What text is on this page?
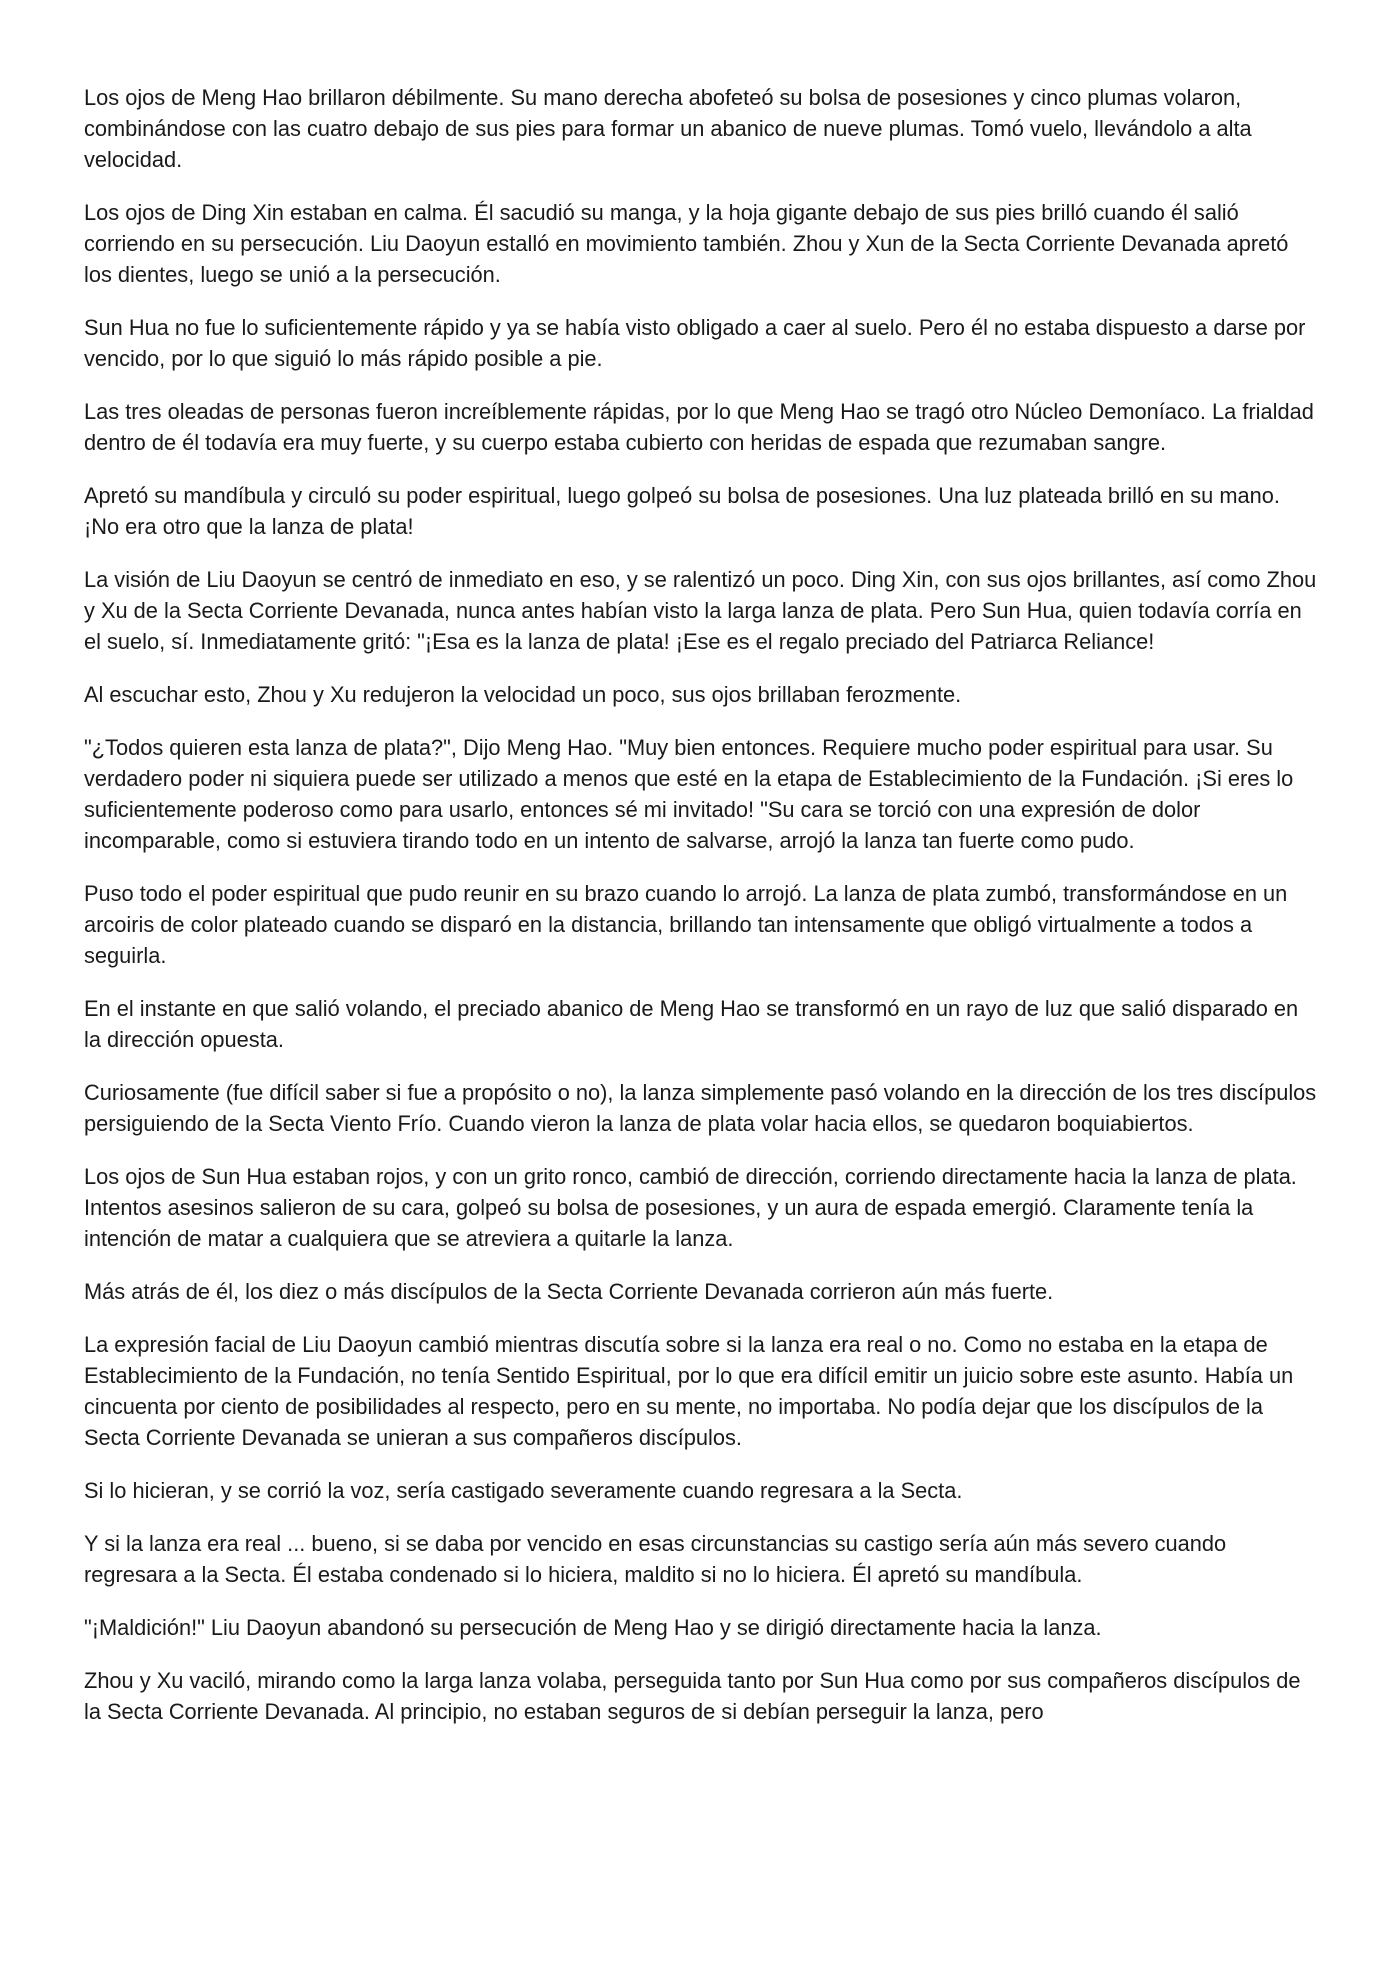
Los ojos de Meng Hao brillaron débilmente. Su mano derecha abofeteó su bolsa de posesiones y cinco plumas volaron, combinándose con las cuatro debajo de sus pies para formar un abanico de nueve plumas. Tomó vuelo, llevándolo a alta velocidad.

Los ojos de Ding Xin estaban en calma. Él sacudió su manga, y la hoja gigante debajo de sus pies brilló cuando él salió corriendo en su persecución. Liu Daoyun estalló en movimiento también. Zhou y Xun de la Secta Corriente Devanada apretó los dientes, luego se unió a la persecución.

Sun Hua no fue lo suficientemente rápido y ya se había visto obligado a caer al suelo. Pero él no estaba dispuesto a darse por vencido, por lo que siguió lo más rápido posible a pie.

Las tres oleadas de personas fueron increíblemente rápidas, por lo que Meng Hao se tragó otro Núcleo Demoníaco. La frialdad dentro de él todavía era muy fuerte, y su cuerpo estaba cubierto con heridas de espada que rezumaban sangre.

Apretó su mandíbula y circuló su poder espiritual, luego golpeó su bolsa de posesiones. Una luz plateada brilló en su mano. ¡No era otro que la lanza de plata!

La visión de Liu Daoyun se centró de inmediato en eso, y se ralentizó un poco. Ding Xin, con sus ojos brillantes, así como Zhou y Xu de la Secta Corriente Devanada, nunca antes habían visto la larga lanza de plata. Pero Sun Hua, quien todavía corría en el suelo, sí. Inmediatamente gritó: "¡Esa es la lanza de plata! ¡Ese es el regalo preciado del Patriarca Reliance!

Al escuchar esto, Zhou y Xu redujeron la velocidad un poco, sus ojos brillaban ferozmente.

"¿Todos quieren esta lanza de plata?", Dijo Meng Hao. "Muy bien entonces. Requiere mucho poder espiritual para usar. Su verdadero poder ni siquiera puede ser utilizado a menos que esté en la etapa de Establecimiento de la Fundación. ¡Si eres lo suficientemente poderoso como para usarlo, entonces sé mi invitado! "Su cara se torció con una expresión de dolor incomparable, como si estuviera tirando todo en un intento de salvarse, arrojó la lanza tan fuerte como pudo.

Puso todo el poder espiritual que pudo reunir en su brazo cuando lo arrojó. La lanza de plata zumbó, transformándose en un arcoiris de color plateado cuando se disparó en la distancia, brillando tan intensamente que obligó virtualmente a todos a seguirla.

En el instante en que salió volando, el preciado abanico de Meng Hao se transformó en un rayo de luz que salió disparado en la dirección opuesta.

Curiosamente (fue difícil saber si fue a propósito o no), la lanza simplemente pasó volando en la dirección de los tres discípulos persiguiendo de la Secta Viento Frío. Cuando vieron la lanza de plata volar hacia ellos, se quedaron boquiabiertos.

Los ojos de Sun Hua estaban rojos, y con un grito ronco, cambió de dirección, corriendo directamente hacia la lanza de plata. Intentos asesinos salieron de su cara, golpeó su bolsa de posesiones, y un aura de espada emergió. Claramente tenía la intención de matar a cualquiera que se atreviera a quitarle la lanza.

Más atrás de él, los diez o más discípulos de la Secta Corriente Devanada corrieron aún más fuerte.

La expresión facial de Liu Daoyun cambió mientras discutía sobre si la lanza era real o no. Como no estaba en la etapa de Establecimiento de la Fundación, no tenía Sentido Espiritual, por lo que era difícil emitir un juicio sobre este asunto. Había un cincuenta por ciento de posibilidades al respecto, pero en su mente, no importaba. No podía dejar que los discípulos de la Secta Corriente Devanada se unieran a sus compañeros discípulos.

Si lo hicieran, y se corrió la voz, sería castigado severamente cuando regresara a la Secta.

Y si la lanza era real ... bueno, si se daba por vencido en esas circunstancias su castigo sería aún más severo cuando regresara a la Secta. Él estaba condenado si lo hiciera, maldito si no lo hiciera. Él apretó su mandíbula.

"¡Maldición!" Liu Daoyun abandonó su persecución de Meng Hao y se dirigió directamente hacia la lanza.

Zhou y Xu vaciló, mirando como la larga lanza volaba, perseguida tanto por Sun Hua como por sus compañeros discípulos de la Secta Corriente Devanada. Al principio, no estaban seguros de si debían perseguir la lanza, pero
